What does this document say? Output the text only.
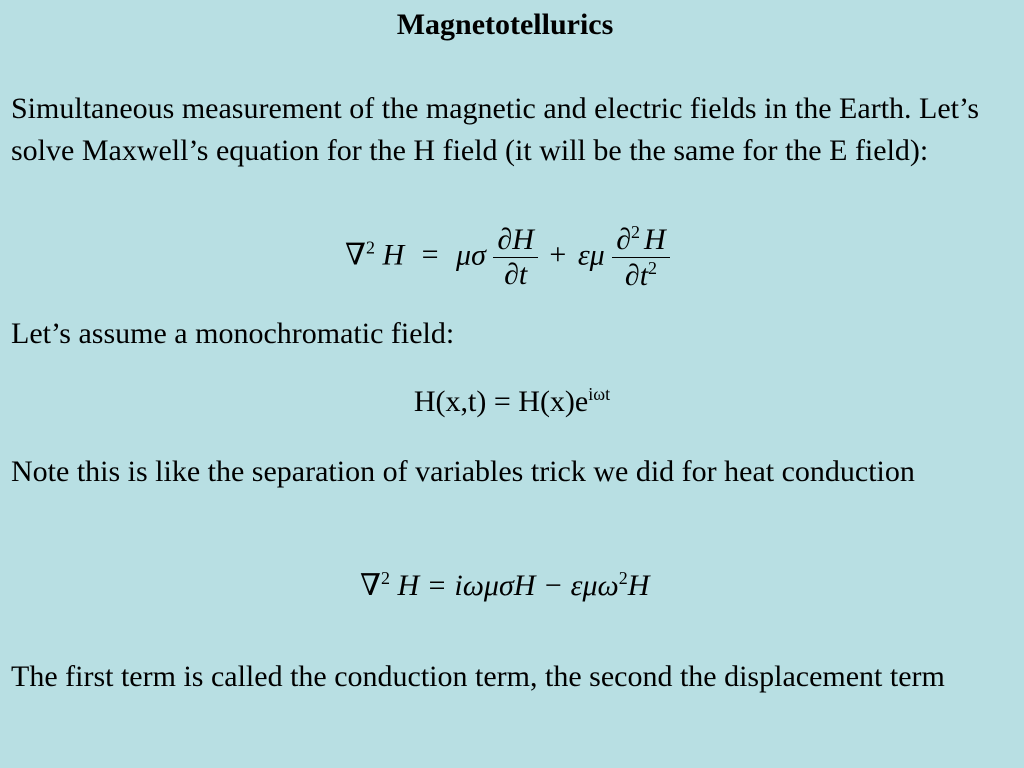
Magnetotellurics

Simultaneous measurement of the magnetic and electric fields in the Earth. Let’s solve Maxwell’s equation for the H field (it will be the same for the E field):

∇$^2$ H = μσ $\frac{\partial H}{\partial t} + \varepsilon\mu \frac{\partial^2 H}{\partial t^2}$

Let’s assume a monochromatic field:

$H(x,t) = H(x)e^{i\omega t}$

Note this is like the separation of variables trick we did for heat conduction

∇$^2$ H = iωμσH − εμω$^2$H

The first term is called the conduction term, the second the displacement term
